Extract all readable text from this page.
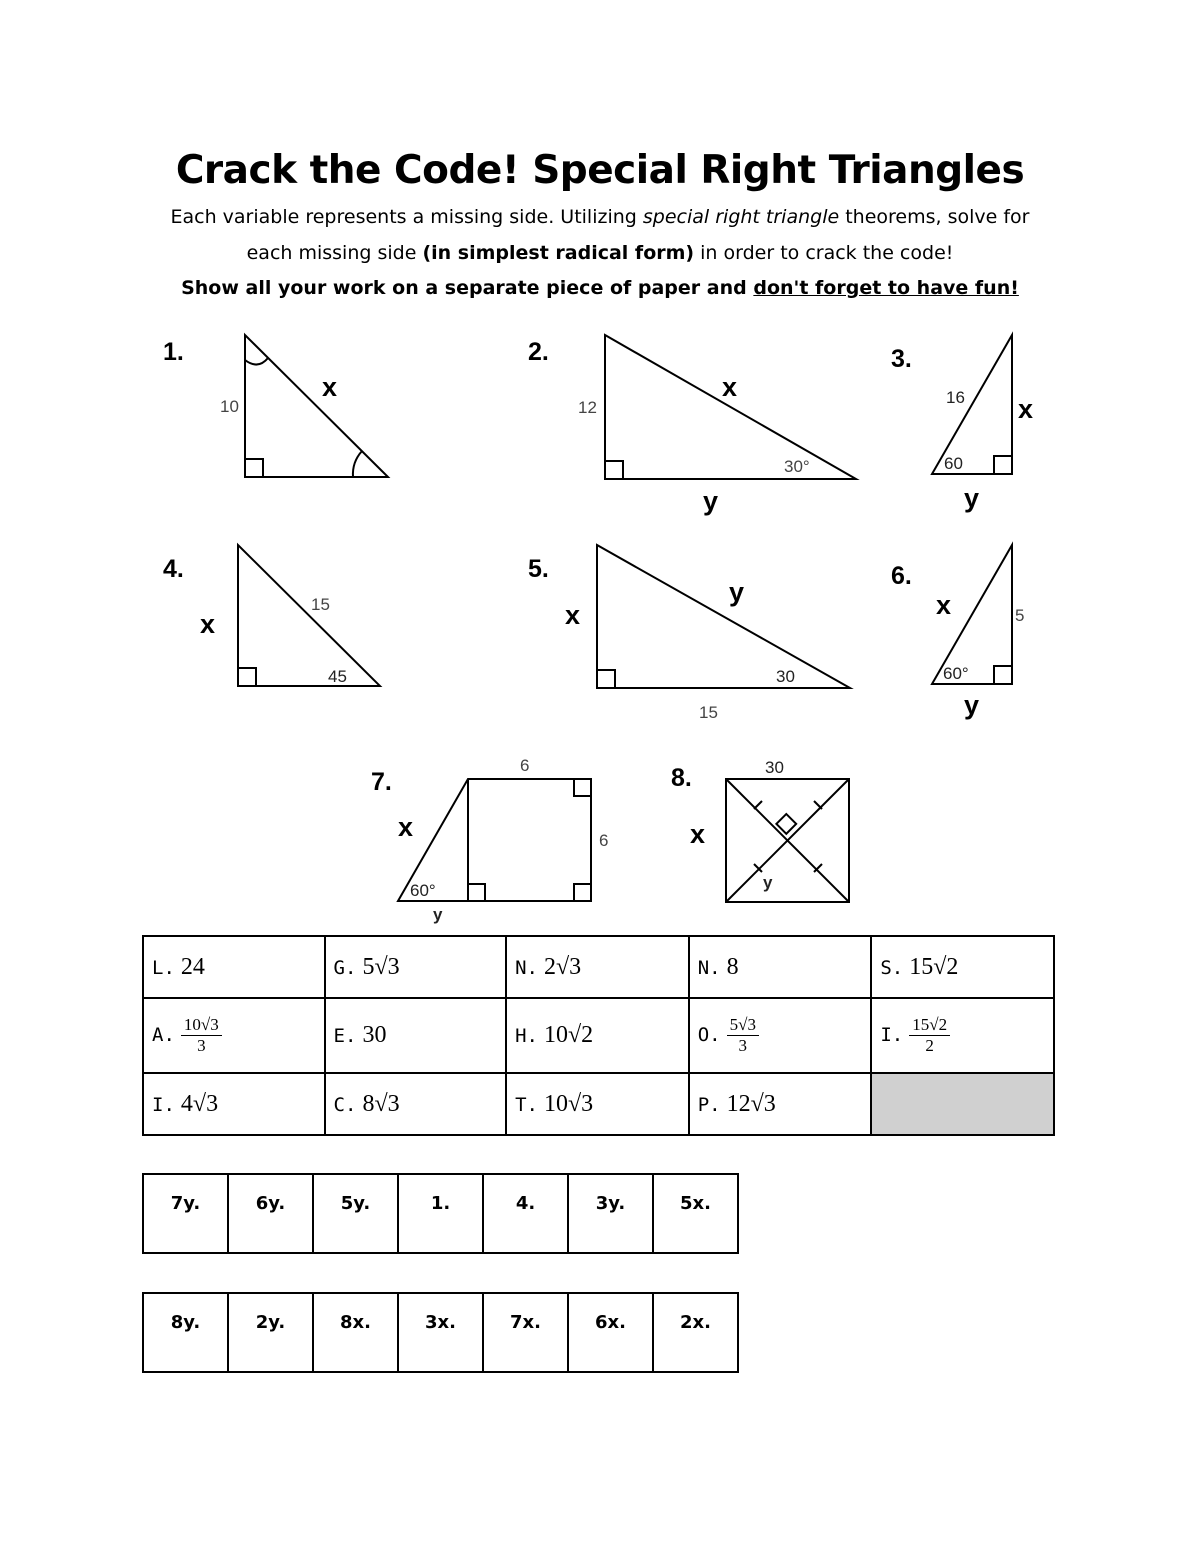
Crack the Code! Special Right Triangles
Each variable represents a missing side. Utilizing special right triangle theorems, solve for
each missing side (in simplest radical form) in order to crack the code!
Show all your work on a separate piece of paper and don't forget to have fun!
1.
10
x
2.
12
x
30°
y
3.
16 x
60
y
4.
x
15
45
5.
x
y
30
15
6.
x	5
60°
y
7.
6
6
x
60°
y
8.	30
x
y
L. 24	G. 5√3	N. 2√3	N. 8	S. 15√2
A. $\frac{10√3}{3}$	E. 30	H. 10√2	O. $\frac{5√3}{3}$	I. $\frac{15√2}{2}$

I. 4√3	C. 8√3	T. 10√3	P. 12√3	
7y.	6y.	5y.	1.	4.	3y.	5x.
8y.	2y.	8x.	3x.	7x.	6x.	2x.
